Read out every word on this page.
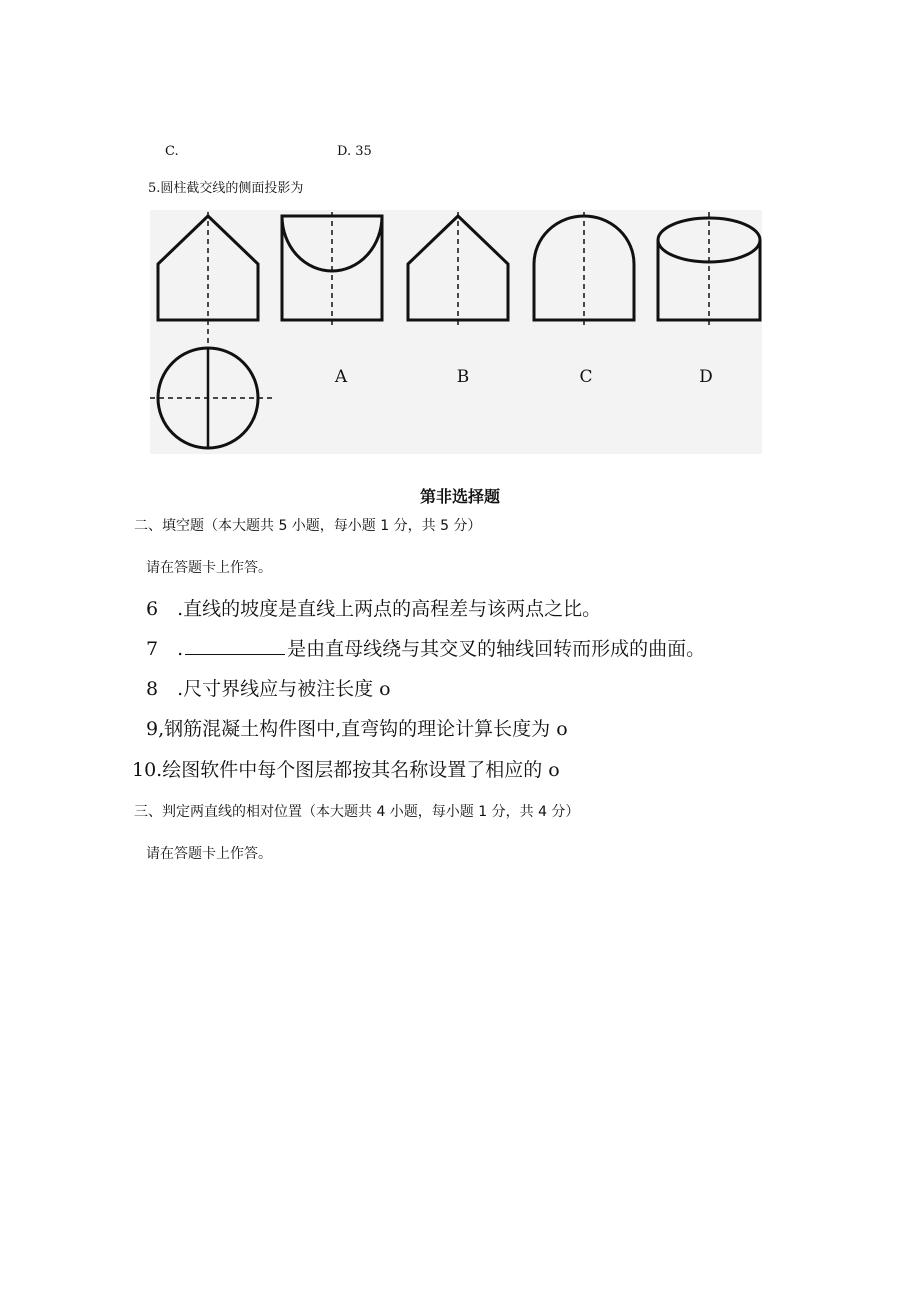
C.	D. 35
5.圆柱截交线的侧面投影为
A	B	C	D
第非选择题
二、填空题（本大题共 5 小题，每小题 1 分，共 5 分）
请在答题卡上作答。
6　.直线的坡度是直线上两点的高程差与该两点之比。
7　.	是由直母线绕与其交叉的轴线回转而形成的曲面。
8　.尺寸界线应与被注长度 o
9,钢筋混凝土构件图中,直弯钩的理论计算长度为 o
10.绘图软件中每个图层都按其名称设置了相应的 o
三、判定两直线的相对位置（本大题共 4 小题，每小题 1 分，共 4 分）
请在答题卡上作答。
